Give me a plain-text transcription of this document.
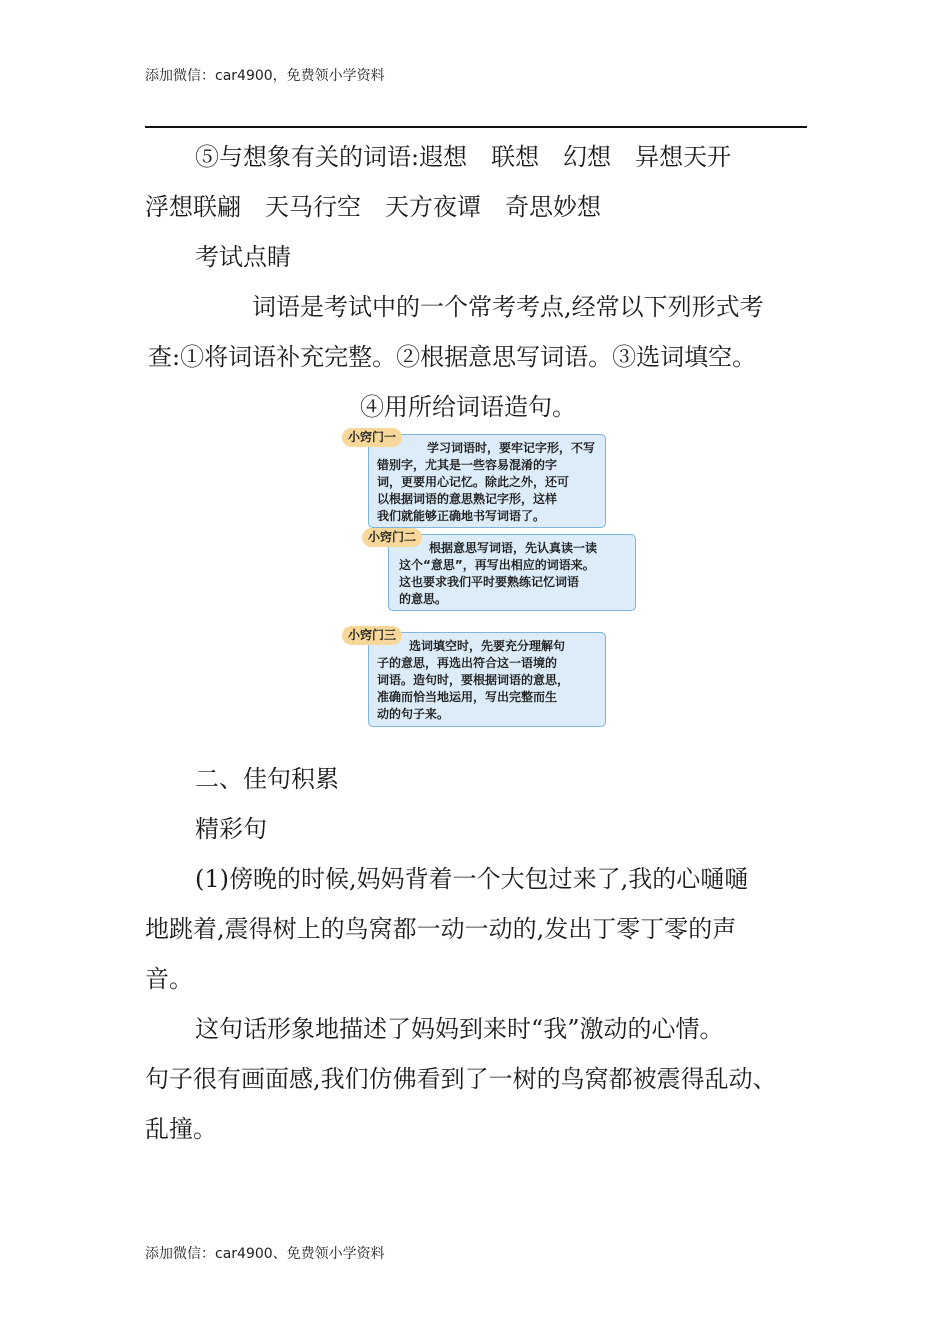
添加微信：car4900，免费领小学资料
⑤与想象有关的词语:遐想　联想　幻想　异想天开
浮想联翩　天马行空　天方夜谭　奇思妙想
考试点睛
词语是考试中的一个常考考点,经常以下列形式考
查:①将词语补充完整。②根据意思写词语。③选词填空。
④用所给词语造句。

学习词语时，要牢记字形，不写

错别字，尤其是一些容易混淆的字

词，更要用心记忆。除此之外，还可

以根据词语的意思熟记字形，这样

我们就能够正确地书写词语了。

小窍门一

根据意思写词语，先认真读一读

这个“意思”，再写出相应的词语来。

这也要求我们平时要熟练记忆词语

的意思。

小窍门二

选词填空时，先要充分理解句

子的意思，再选出符合这一语境的

词语。造句时，要根据词语的意思，

准确而恰当地运用，写出完整而生

动的句子来。

小窍门三
二、佳句积累
精彩句
(1)傍晚的时候,妈妈背着一个大包过来了,我的心嗵嗵
地跳着,震得树上的鸟窝都一动一动的,发出丁零丁零的声
音。
这句话形象地描述了妈妈到来时“我”激动的心情。
句子很有画面感,我们仿佛看到了一树的鸟窝都被震得乱动、
乱撞。
添加微信：car4900、免费领小学资料
